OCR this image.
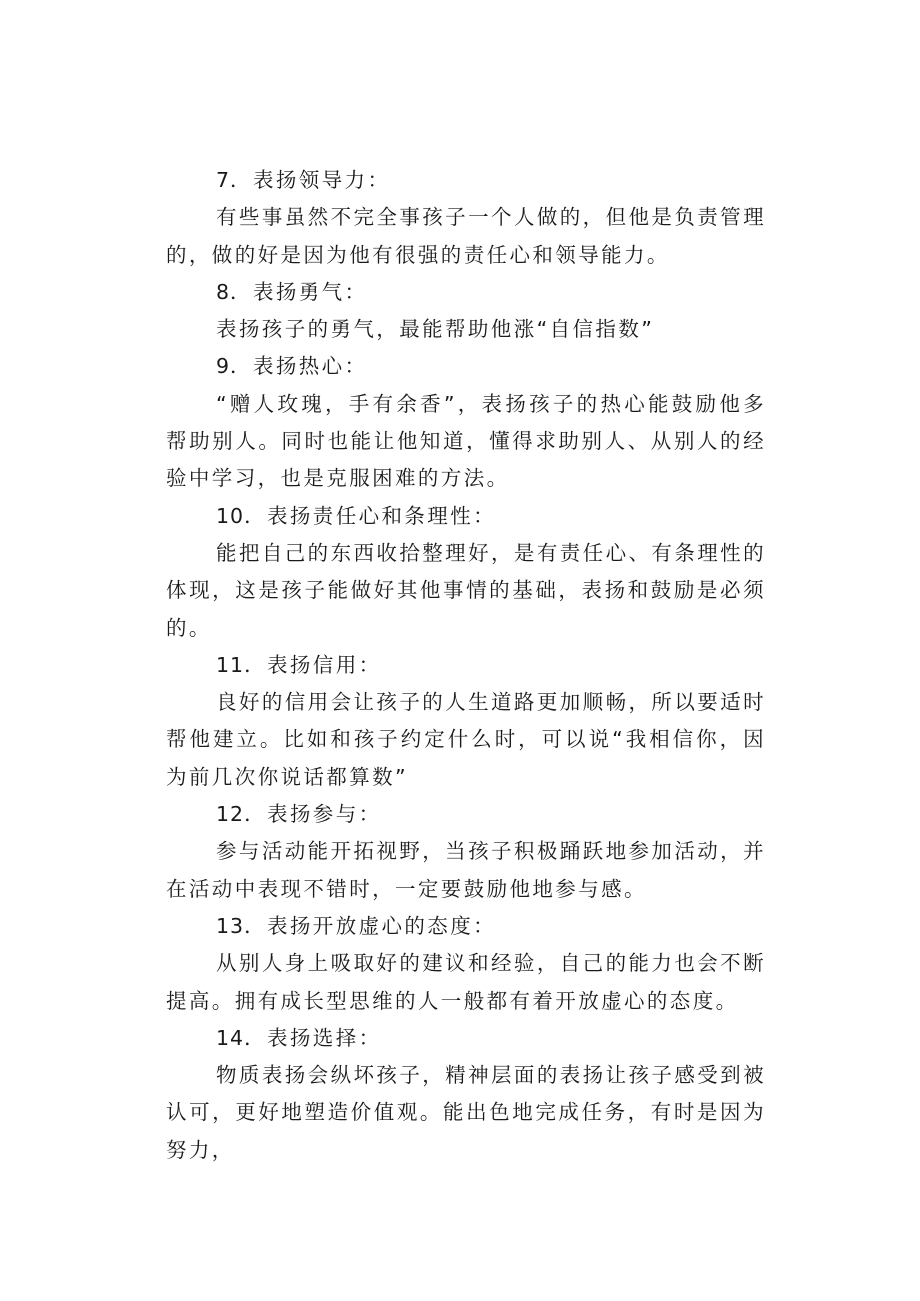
7．表扬领导力：

有些事虽然不完全事孩子一个人做的，但他是负责管理的，做的好是因为他有很强的责任心和领导能力。

8．表扬勇气：

表扬孩子的勇气，最能帮助他涨“自信指数”

9．表扬热心：

“赠人玫瑰，手有余香”，表扬孩子的热心能鼓励他多帮助别人。同时也能让他知道，懂得求助别人、从别人的经验中学习，也是克服困难的方法。

10．表扬责任心和条理性：

能把自己的东西收拾整理好，是有责任心、有条理性的体现，这是孩子能做好其他事情的基础，表扬和鼓励是必须的。

11．表扬信用：

良好的信用会让孩子的人生道路更加顺畅，所以要适时帮他建立。比如和孩子约定什么时，可以说“我相信你，因为前几次你说话都算数”

12．表扬参与：

参与活动能开拓视野，当孩子积极踊跃地参加活动，并在活动中表现不错时，一定要鼓励他地参与感。

13．表扬开放虚心的态度：

从别人身上吸取好的建议和经验，自己的能力也会不断提高。拥有成长型思维的人一般都有着开放虚心的态度。

14．表扬选择：

物质表扬会纵坏孩子，精神层面的表扬让孩子感受到被认可，更好地塑造价值观。能出色地完成任务，有时是因为努力，
